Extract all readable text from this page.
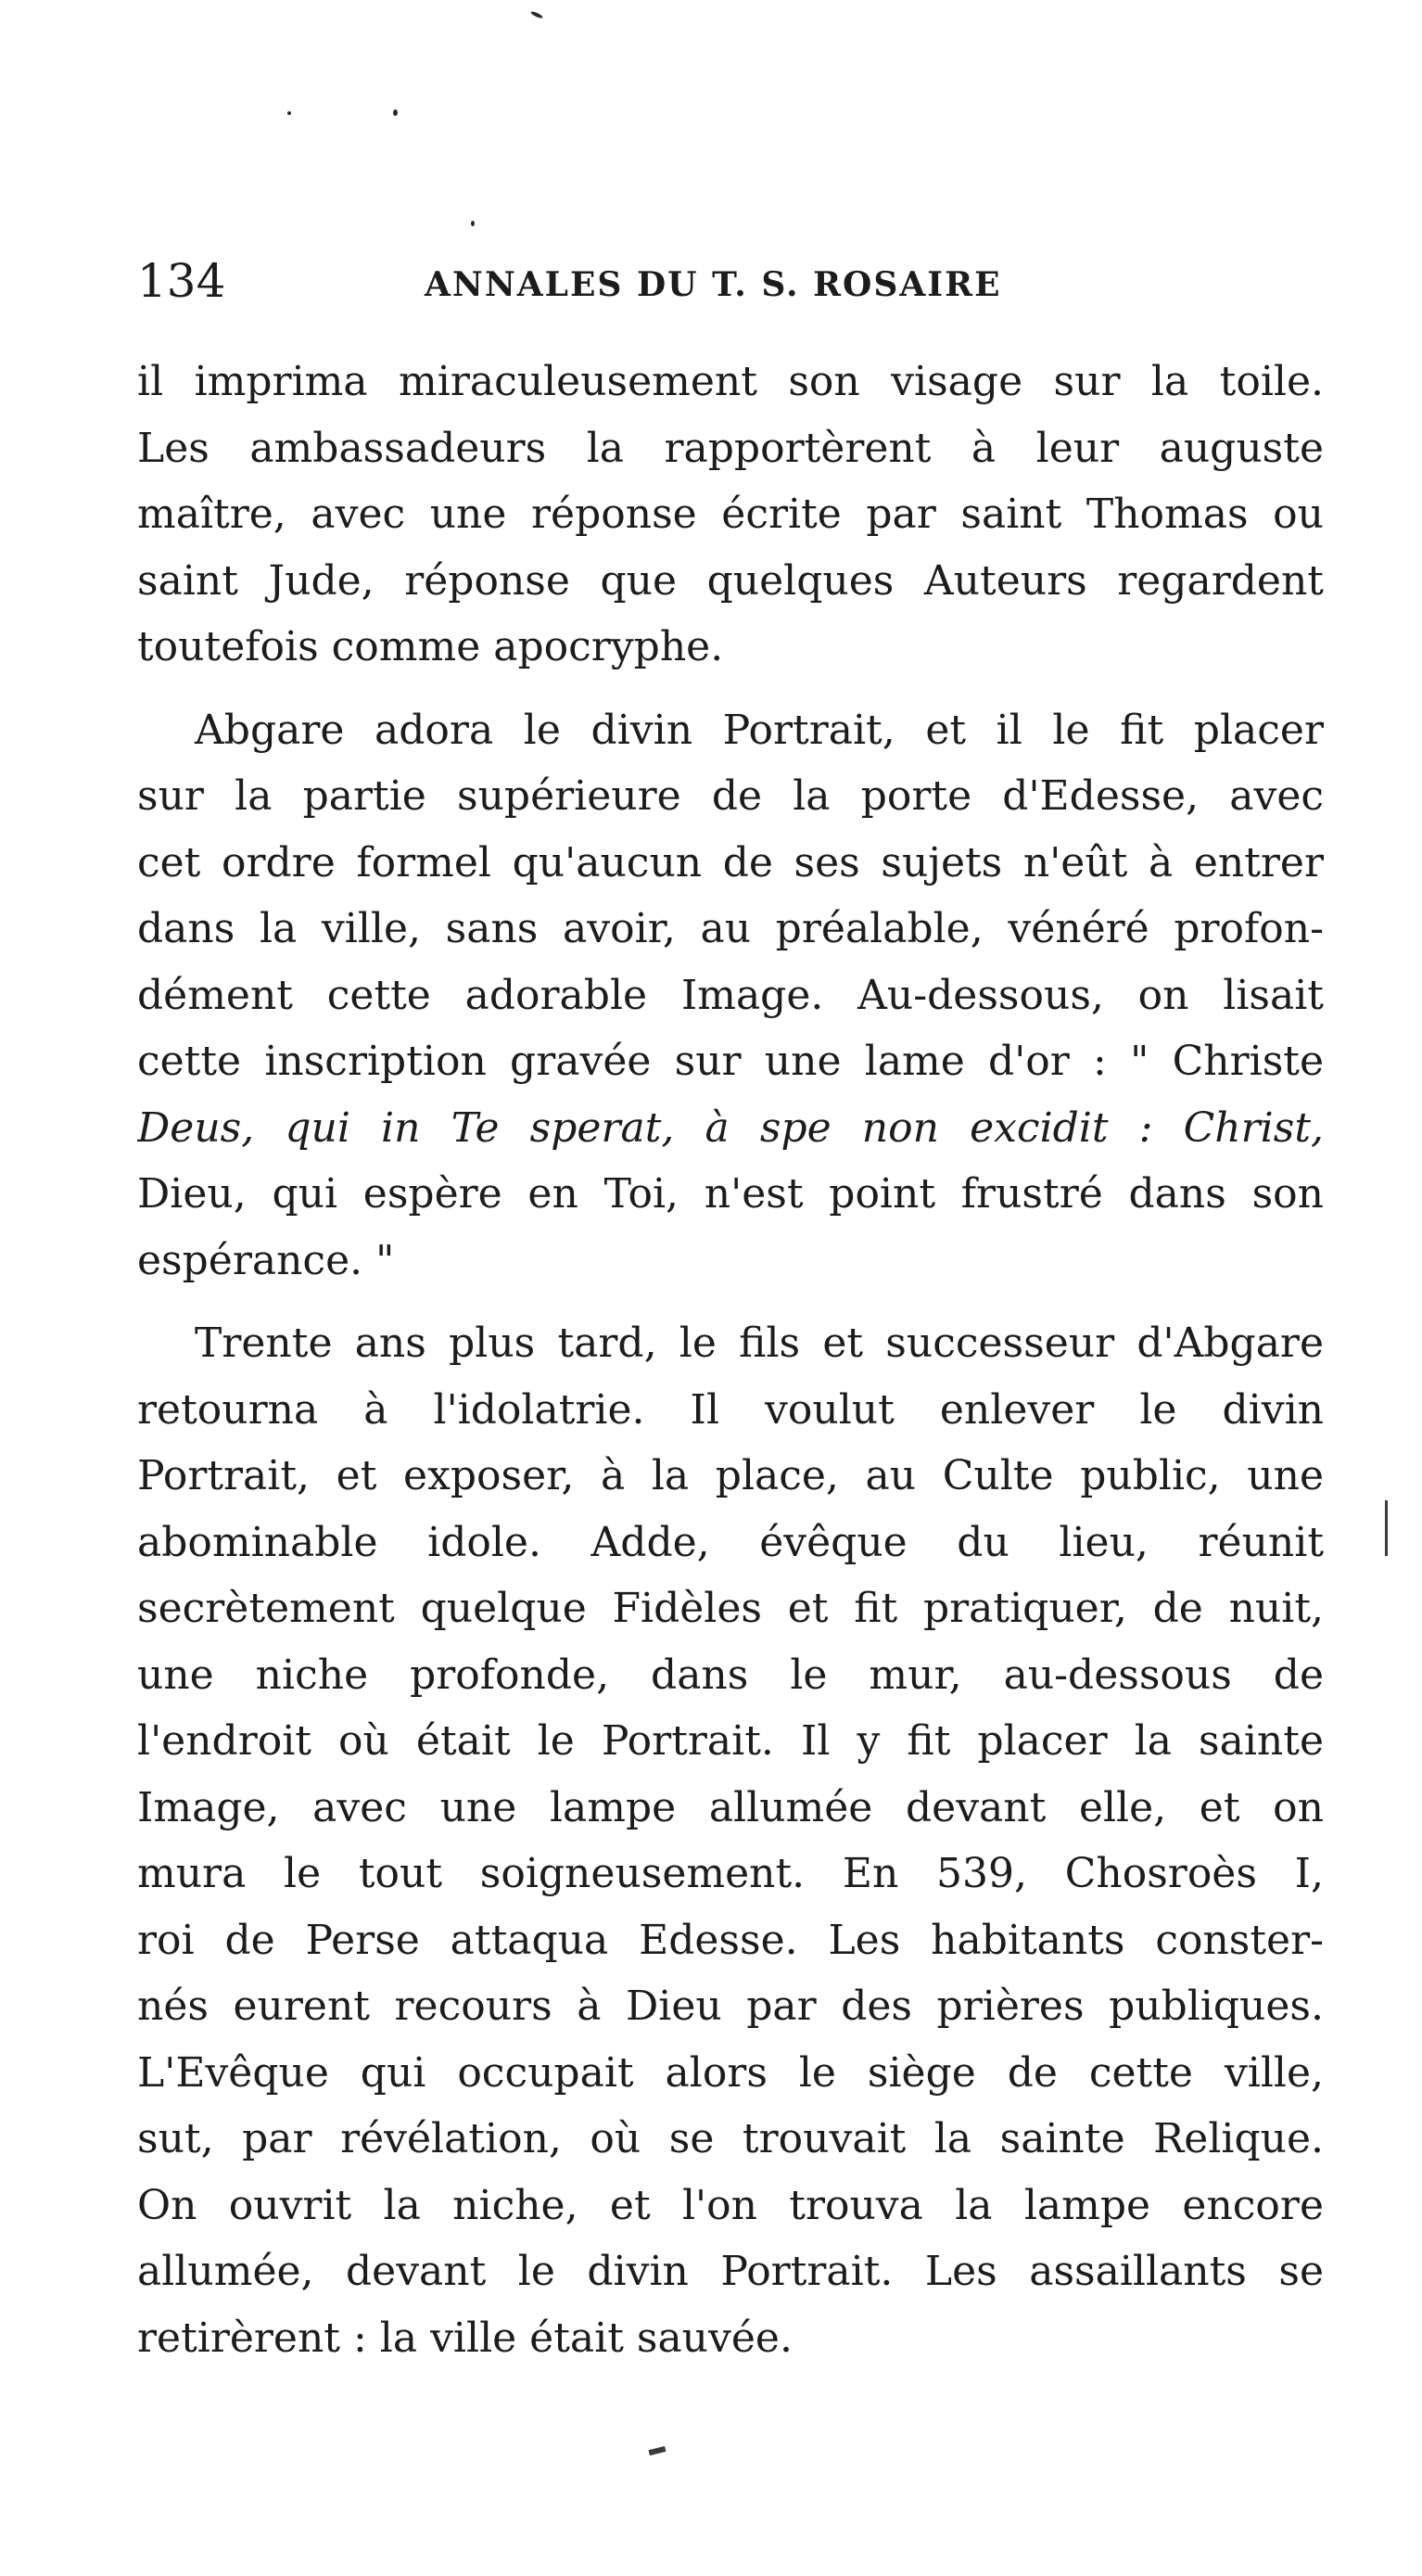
134	ANNALES DU T. S. ROSAIRE
il imprima miraculeusement son visage sur la toile.
Les ambassadeurs la rapportèrent à leur auguste
maître, avec une réponse écrite par saint Thomas ou
saint Jude, réponse que quelques Auteurs regardent
toutefois comme apocryphe.
Abgare adora le divin Portrait, et il le fit placer
sur la partie supérieure de la porte d'Edesse, avec
cet ordre formel qu'aucun de ses sujets n'eût à entrer
dans la ville, sans avoir, au préalable, vénéré profon-
dément cette adorable Image. Au-dessous, on lisait
cette inscription gravée sur une lame d'or : " Christe
Deus, qui in Te sperat, à spe non excidit : Christ,
Dieu, qui espère en Toi, n'est point frustré dans son
espérance. "
Trente ans plus tard, le fils et successeur d'Abgare
retourna à l'idolatrie. Il voulut enlever le divin
Portrait, et exposer, à la place, au Culte public, une
abominable idole. Adde, évêque du lieu, réunit
secrètement quelque Fidèles et fit pratiquer, de nuit,
une niche profonde, dans le mur, au-dessous de
l'endroit où était le Portrait. Il y fit placer la sainte
Image, avec une lampe allumée devant elle, et on
mura le tout soigneusement. En 539, Chosroès I,
roi de Perse attaqua Edesse. Les habitants conster-
nés eurent recours à Dieu par des prières publiques.
L'Evêque qui occupait alors le siège de cette ville,
sut, par révélation, où se trouvait la sainte Relique.
On ouvrit la niche, et l'on trouva la lampe encore
allumée, devant le divin Portrait. Les assaillants se
retirèrent : la ville était sauvée.
